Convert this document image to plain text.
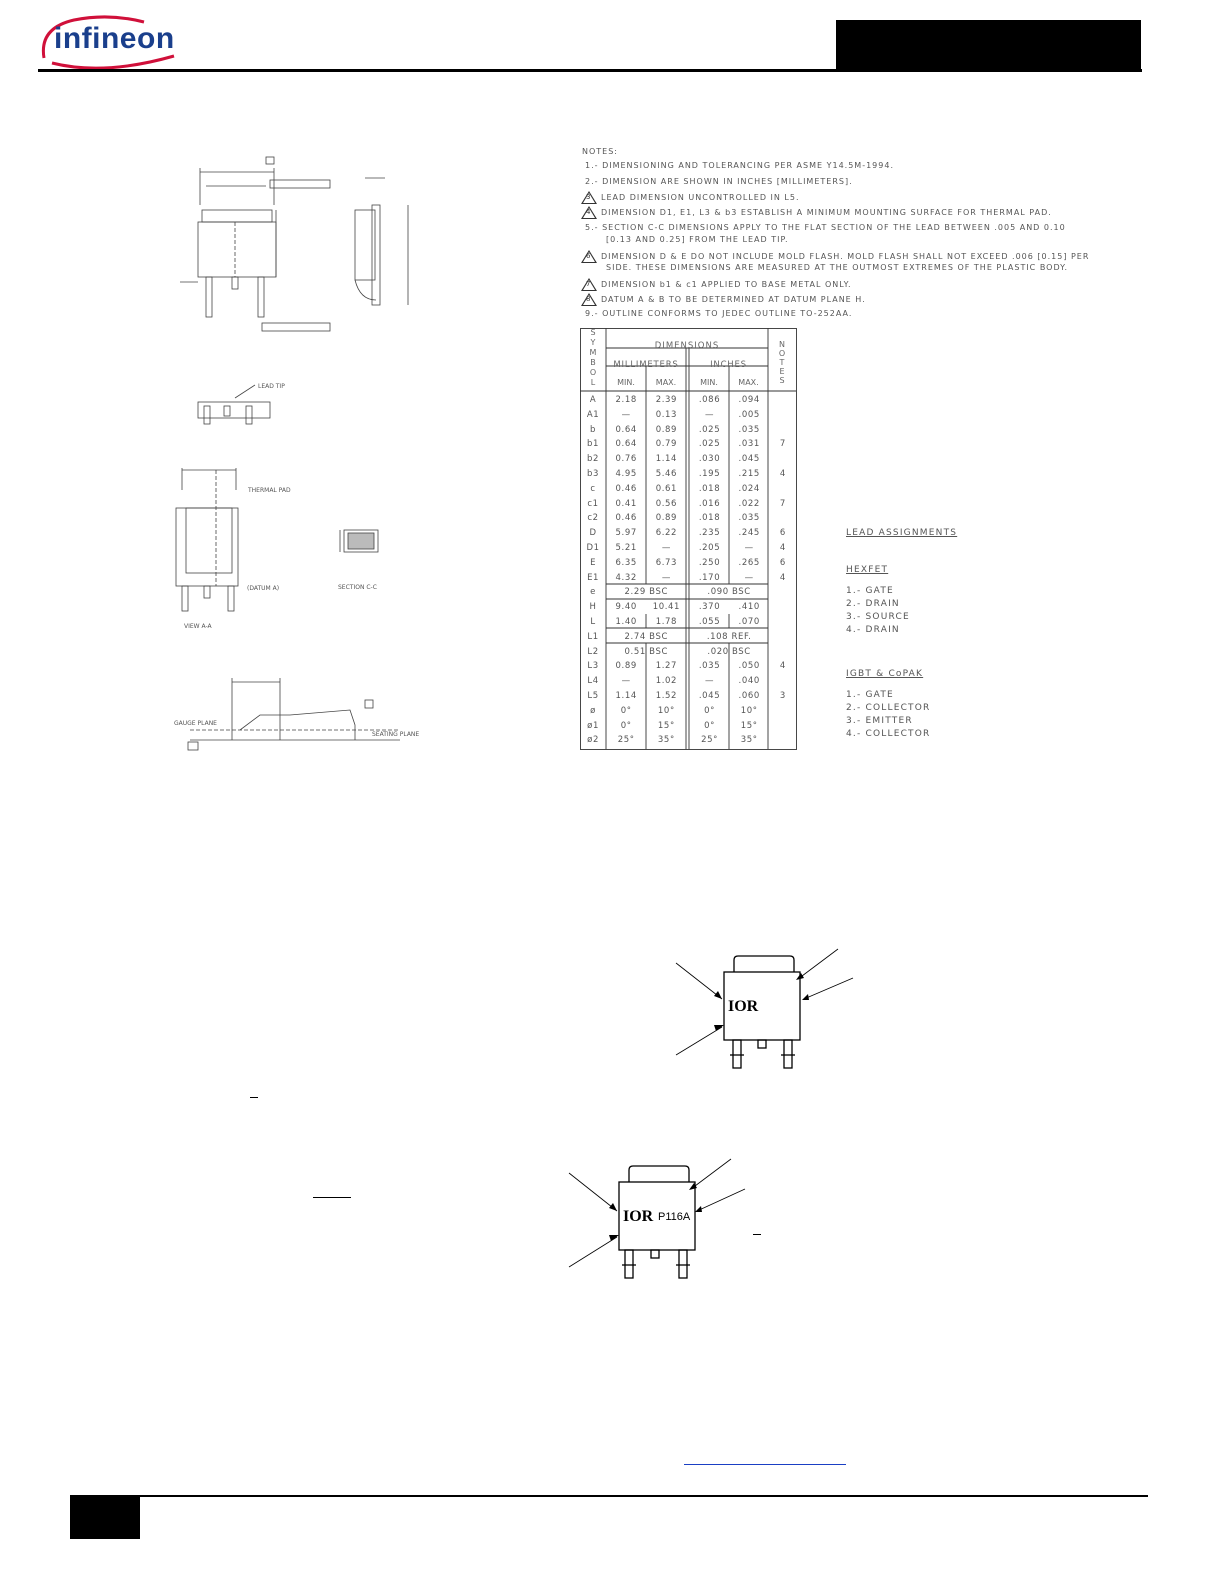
infineon
LEAD TIP
THERMAL PAD
(DATUM A)
VIEW A-A
SECTION C-C
GAUGE PLANE
SEATING PLANE
NOTES:
1.- DIMENSIONING AND TOLERANCING PER ASME Y14.5M-1994.
2.- DIMENSION ARE SHOWN IN INCHES [MILLIMETERS].
3 LEAD DIMENSION UNCONTROLLED IN L5.
4 DIMENSION D1, E1, L3 & b3 ESTABLISH A MINIMUM MOUNTING SURFACE FOR THERMAL PAD.
5.- SECTION C-C DIMENSIONS APPLY TO THE FLAT SECTION OF THE LEAD BETWEEN .005 AND 0.10
[0.13 AND 0.25] FROM THE LEAD TIP.
6 DIMENSION D & E DO NOT INCLUDE MOLD FLASH. MOLD FLASH SHALL NOT EXCEED .006 [0.15] PER
SIDE. THESE DIMENSIONS ARE MEASURED AT THE OUTMOST EXTREMES OF THE PLASTIC BODY.
7 DIMENSION b1 & c1 APPLIED TO BASE METAL ONLY.
8 DATUM A & B TO BE DETERMINED AT DATUM PLANE H.
9.- OUTLINE CONFORMS TO JEDEC OUTLINE TO-252AA.
S
Y
M
B
O
L
N
O
T
E
S
DIMENSIONS
MILLIMETERS	INCHES
MIN.	MAX.	MIN.	MAX.
A	2.18	2.39		.086	.094	
A1	—	0.13		—	.005	
b	0.64	0.89		.025	.035	
b1	0.64	0.79		.025	.031	7
b2	0.76	1.14		.030	.045	
b3	4.95	5.46		.195	.215	4
c	0.46	0.61		.018	.024	
c1	0.41	0.56		.016	.022	7
c2	0.46	0.89		.018	.035	
D	5.97	6.22		.235	.245	6
D1	5.21	—		.205	—	4
E	6.35	6.73		.250	.265	6
E1	4.32	—		.170	—	4
e	2.29 BSC			.090 BSC		
H	9.40	10.41		.370	.410	
L	1.40	1.78		.055	.070	
L1	2.74 BSC			.108 REF.		
L2	0.51 BSC			.020 BSC		
L3	0.89	1.27		.035	.050	4
L4	—	1.02		—	.040	
L5	1.14	1.52		.045	.060	3
ø	0°	10°		0°	10°	
ø1	0°	15°		0°	15°	
ø2	25°	35°		25°	35°	
LEAD ASSIGNMENTS
HEXFET
1.- GATE
2.- DRAIN
3.- SOURCE
4.- DRAIN
IGBT & CoPAK
1.- GATE
2.- COLLECTOR
3.- EMITTER
4.- COLLECTOR
IOR
IOR P116A
